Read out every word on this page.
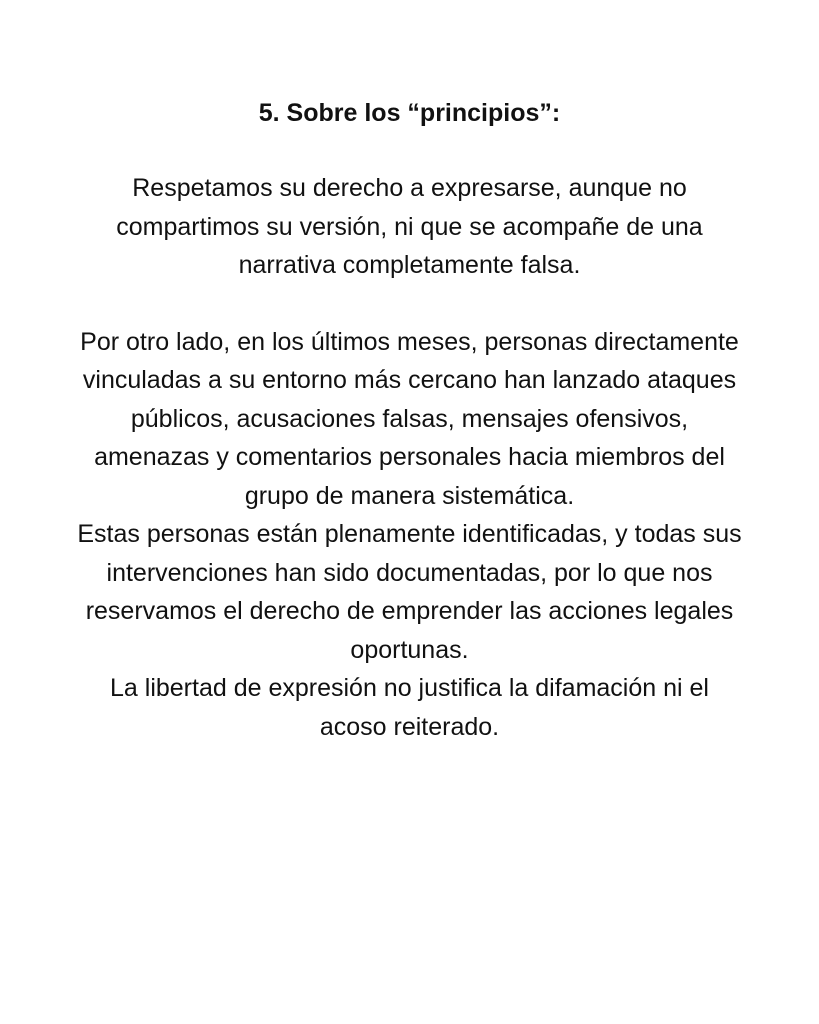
5. Sobre los “principios”:

Respetamos su derecho a expresarse, aunque no
compartimos su versión, ni que se acompañe de una
narrativa completamente falsa.

Por otro lado, en los últimos meses, personas directamente
vinculadas a su entorno más cercano han lanzado ataques
públicos, acusaciones falsas, mensajes ofensivos,
amenazas y comentarios personales hacia miembros del
grupo de manera sistemática.

Estas personas están plenamente identificadas, y todas sus
intervenciones han sido documentadas, por lo que nos
reservamos el derecho de emprender las acciones legales
oportunas.

La libertad de expresión no justifica la difamación ni el
acoso reiterado.
